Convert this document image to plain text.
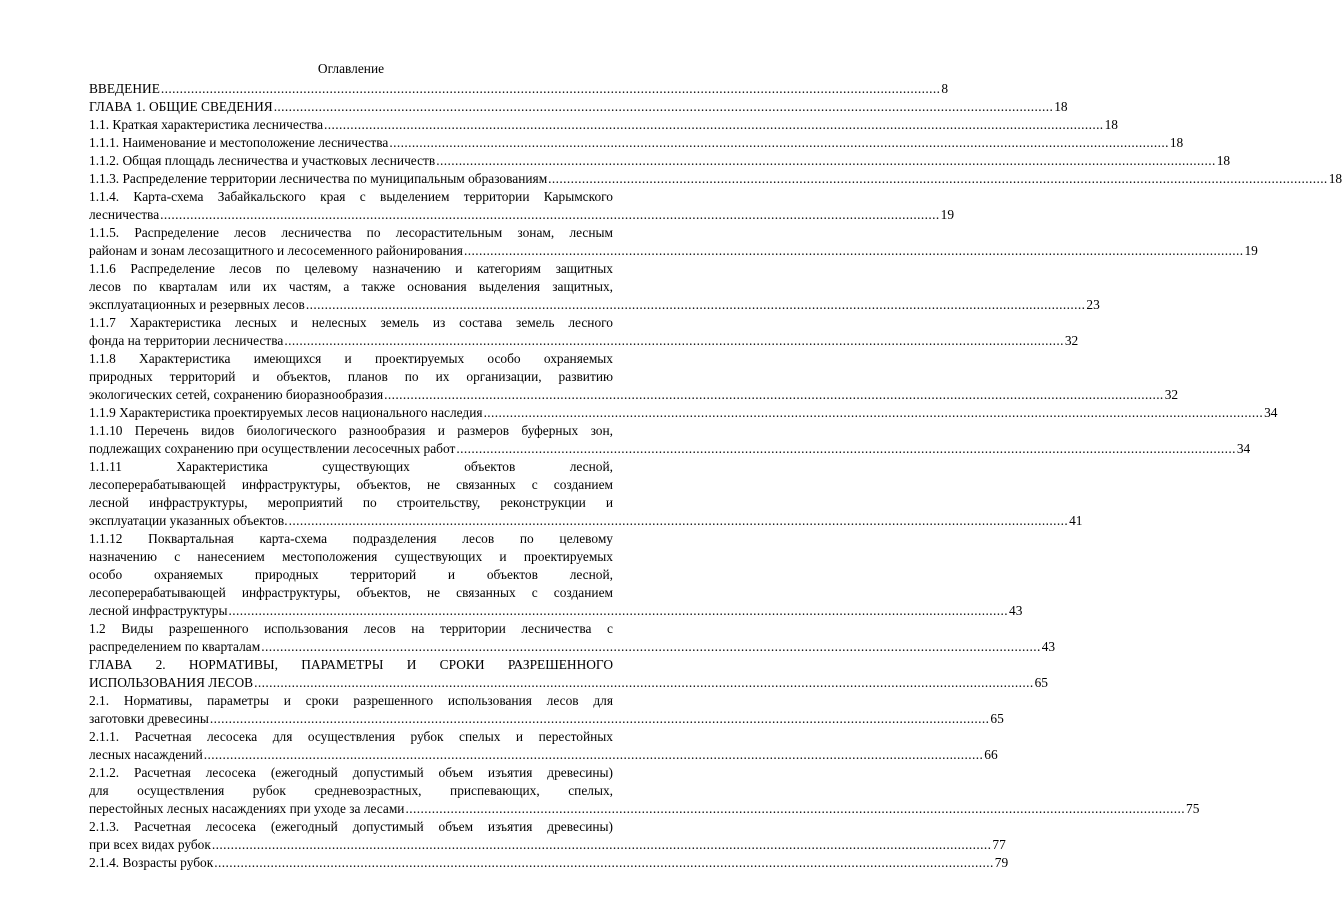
Оглавление
ВВЕДЕНИЕ .....	8
ГЛАВА 1. ОБЩИЕ СВЕДЕНИЯ .....	18
1.1. Краткая характеристика лесничества .....	18
1.1.1. Наименование и местоположение лесничества .....	18
1.1.2. Общая площадь лесничества и участковых лесничеств .....	18
1.1.3. Распределение территории лесничества по муниципальным образованиям .....	18
1.1.4. Карта-схема Забайкальского края с выделением территории Карымского
лесничества .....	19
1.1.5. Распределение лесов лесничества по лесорастительным зонам, лесным
районам и зонам лесозащитного и лесосеменного районирования .....	19
1.1.6 Распределение лесов по целевому назначению и категориям защитных
лесов по кварталам или их частям, а также основания выделения защитных,
эксплуатационных и резервных лесов .....	23
1.1.7 Характеристика лесных и нелесных земель из состава земель лесного
фонда на территории лесничества .....	32
1.1.8 Характеристика имеющихся и проектируемых особо охраняемых
природных территорий и объектов, планов по их организации, развитию
экологических сетей, сохранению биоразнообразия .....	32
1.1.9 Характеристика проектируемых лесов национального наследия .....	34
1.1.10 Перечень видов биологического разнообразия и размеров буферных зон,
подлежащих сохранению при осуществлении лесосечных работ .....	34
1.1.11 Характеристика существующих объектов лесной,
лесоперерабатывающей инфраструктуры, объектов, не связанных с созданием
лесной инфраструктуры, мероприятий по строительству, реконструкции и
эксплуатации указанных объектов. .....	41
1.1.12 Поквартальная карта-схема подразделения лесов по целевому
назначению с нанесением местоположения существующих и проектируемых
особо охраняемых природных территорий и объектов лесной,
лесоперерабатывающей инфраструктуры, объектов, не связанных с созданием
лесной инфраструктуры .....	43
1.2 Виды разрешенного использования лесов на территории лесничества с
распределением по кварталам .....	43
ГЛАВА 2. НОРМАТИВЫ, ПАРАМЕТРЫ И СРОКИ РАЗРЕШЕННОГО
ИСПОЛЬЗОВАНИЯ ЛЕСОВ .....	65
2.1. Нормативы, параметры и сроки разрешенного использования лесов для
заготовки древесины .....	65
2.1.1. Расчетная лесосека для осуществления рубок спелых и перестойных
лесных насаждений .....	66
2.1.2. Расчетная лесосека (ежегодный допустимый объем изъятия древесины)
для осуществления рубок средневозрастных, приспевающих, спелых,
перестойных лесных насаждениях при уходе за лесами .....	75
2.1.3. Расчетная лесосека (ежегодный допустимый объем изъятия древесины)
при всех видах рубок .....	77
2.1.4. Возрасты рубок .....	79
